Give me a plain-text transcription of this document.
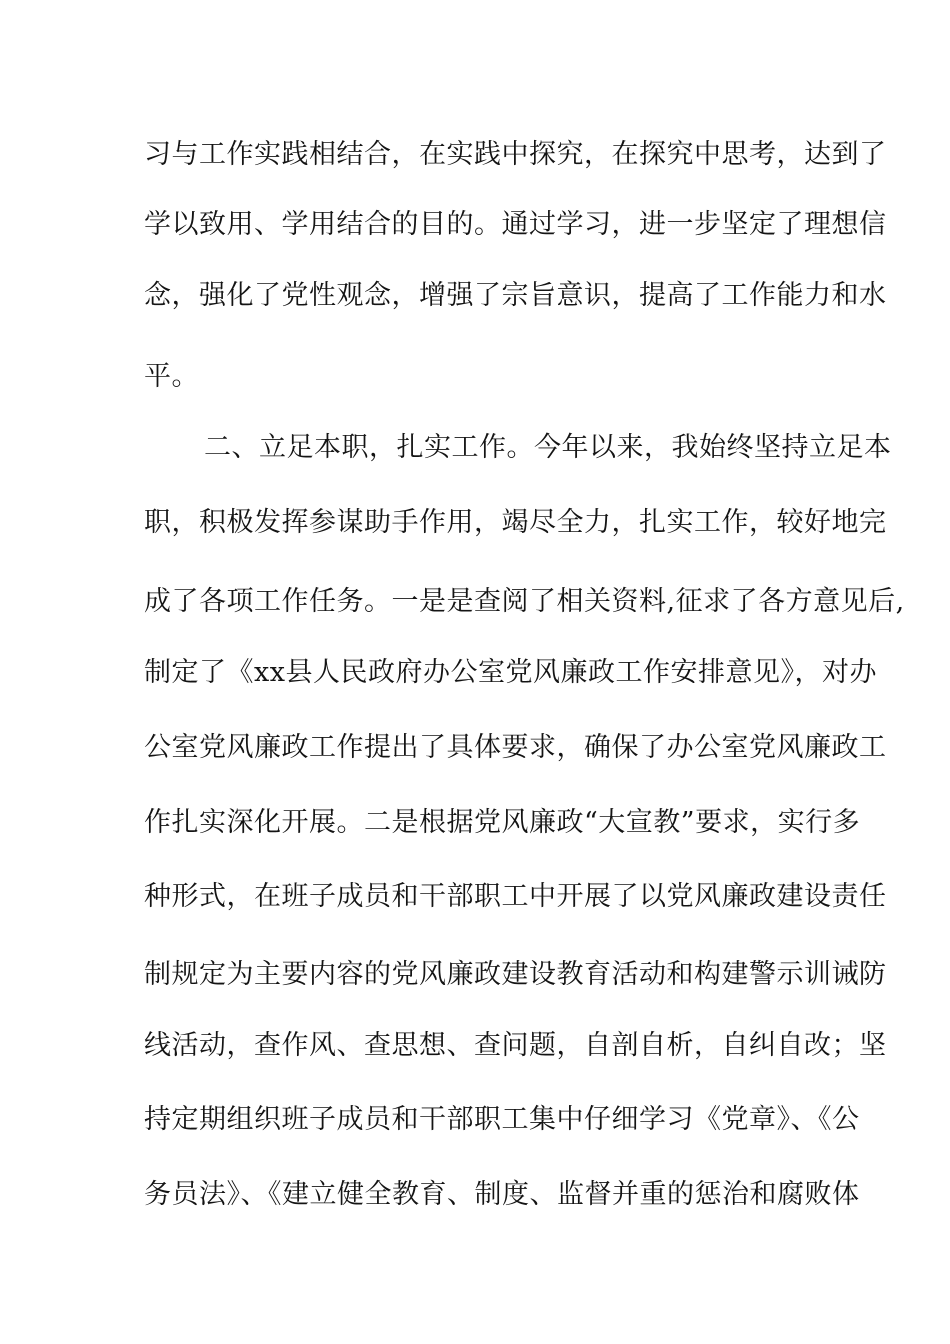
习与工作实践相结合，在实践中探究，在探究中思考，达到了

学以致用、学用结合的目的。通过学习，进一步坚定了理想信

念，强化了党性观念，增强了宗旨意识，提高了工作能力和水

平。

二、立足本职，扎实工作。今年以来，我始终坚持立足本

职，积极发挥参谋助手作用，竭尽全力，扎实工作，较好地完

成了各项工作任务。一是是查阅了相关资料,征求了各方意见后,

制定了《xx县人民政府办公室党风廉政工作安排意见》，对办

公室党风廉政工作提出了具体要求，确保了办公室党风廉政工

作扎实深化开展。二是根据党风廉政“大宣教”要求，实行多

种形式，在班子成员和干部职工中开展了以党风廉政建设责任

制规定为主要内容的党风廉政建设教育活动和构建警示训诫防

线活动，查作风、查思想、查问题，自剖自析，自纠自改；坚

持定期组织班子成员和干部职工集中仔细学习《党章》、《公

务员法》、《建立健全教育、制度、监督并重的惩治和腐败体
